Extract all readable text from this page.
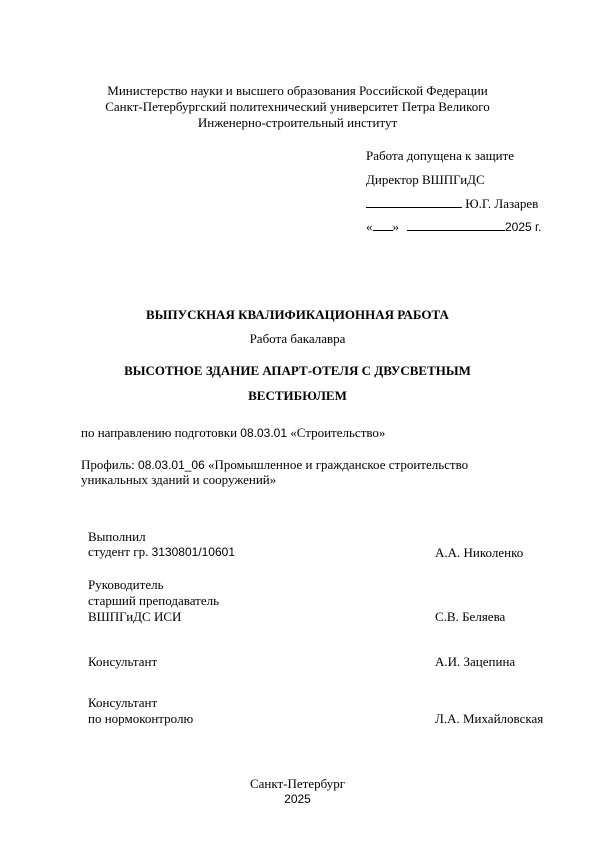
Министерство науки и высшего образования Российской Федерации
Санкт-Петербургский политехнический университет Петра Великого
Инженерно-строительный институт
Работа допущена к защите
Директор ВШПГиДС
Ю.Г. Лазарев
« »	2025 г.
ВЫПУСКНАЯ КВАЛИФИКАЦИОННАЯ РАБОТА
Работа бакалавра
ВЫСОТНОЕ ЗДАНИЕ АПАРТ-ОТЕЛЯ С ДВУСВЕТНЫМ
ВЕСТИБЮЛЕМ
по направлению подготовки 08.03.01 «Строительство»
Профиль: 08.03.01_06 «Промышленное и гражданское строительство
уникальных зданий и сооружений»
Выполнил
студент гр. 3130801/10601	А.А. Николенко
Руководитель
старший преподаватель
ВШПГиДС ИСИ	С.В. Беляева
Консультант	А.И. Зацепина
Консультант
по нормоконтролю	Л.А. Михайловская
Санкт-Петербург
2025
